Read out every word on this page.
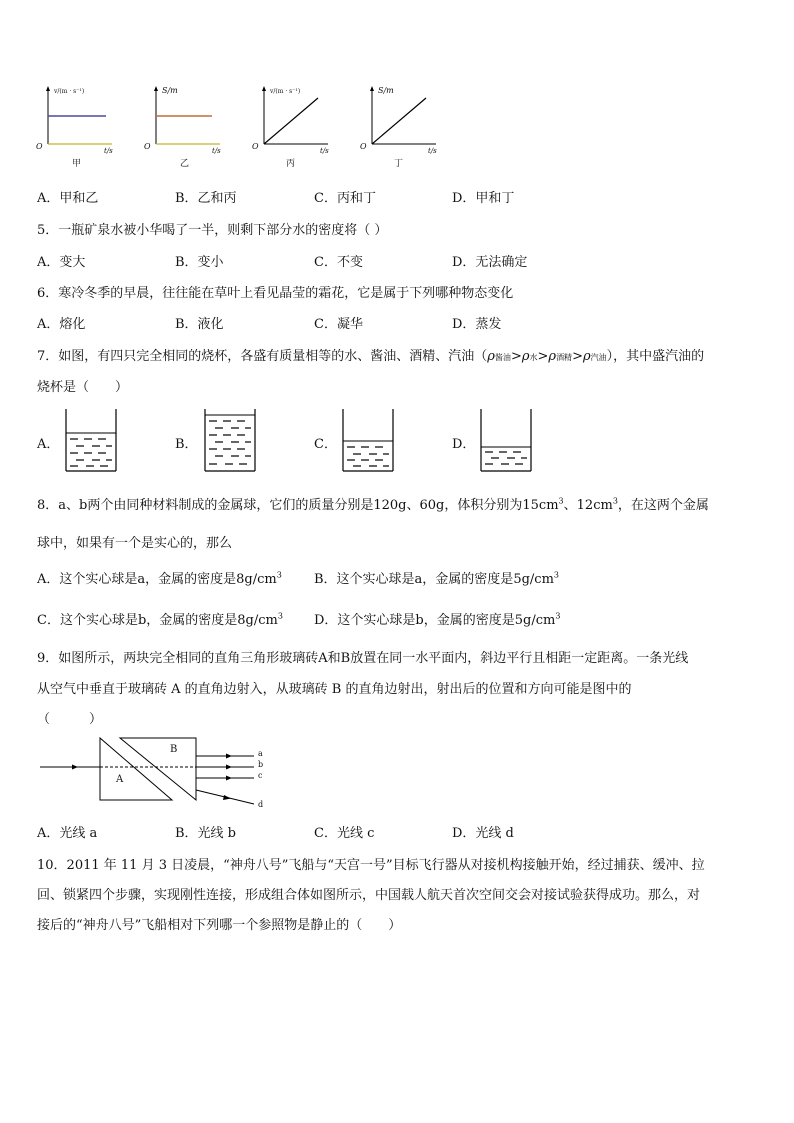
v/(m · s⁻¹)
O	t/s
甲
S/m
O	t/s
乙
v/(m · s⁻¹)
O	t/s
丙
S/m
O	t/s
丁
A．甲和乙	B．乙和丙	C．丙和丁	D．甲和丁
5．一瓶矿泉水被小华喝了一半，则剩下部分水的密度将（ ）
A．变大	B．变小	C．不变	D．无法确定
6．寒冷冬季的早晨，往往能在草叶上看见晶莹的霜花，它是属于下列哪种物态变化
A．熔化	B．液化	C．凝华	D．蒸发
7．如图，有四只完全相同的烧杯，各盛有质量相等的水、酱油、酒精、汽油（ρ酱油>ρ水>ρ酒精>ρ汽油），其中盛汽油的
烧杯是（　　）
A．	B．	C．	D．
8．a、b两个由同种材料制成的金属球，它们的质量分别是120g、60g，体积分别为$15cm^3$、$12cm^3$，在这两个金属
球中，如果有一个是实心的，那么
A．这个实心球是a，金属的密度是$8g/cm^3$ B．这个实心球是a，金属的密度是$5g/cm^3$
C．这个实心球是b，金属的密度是$8g/cm^3$ D．这个实心球是b，金属的密度是$5g/cm^3$
9．如图所示，两块完全相同的直角三角形玻璃砖A和B放置在同一水平面内，斜边平行且相距一定距离。一条光线
从空气中垂直于玻璃砖 A 的直角边射入，从玻璃砖 B 的直角边射出，射出后的位置和方向可能是图中的
（　　　）
A
B	a
b
c
d
A．光线 a	B．光线 b	C．光线 c	D．光线 d
10．2011 年 11 月 3 日凌晨，“神舟八号”飞船与“天宫一号”目标飞行器从对接机构接触开始，经过捕获、缓冲、拉
回、锁紧四个步骤，实现刚性连接，形成组合体如图所示，中国载人航天首次空间交会对接试验获得成功。那么，对
接后的“神舟八号”飞船相对下列哪一个参照物是静止的（　　）
